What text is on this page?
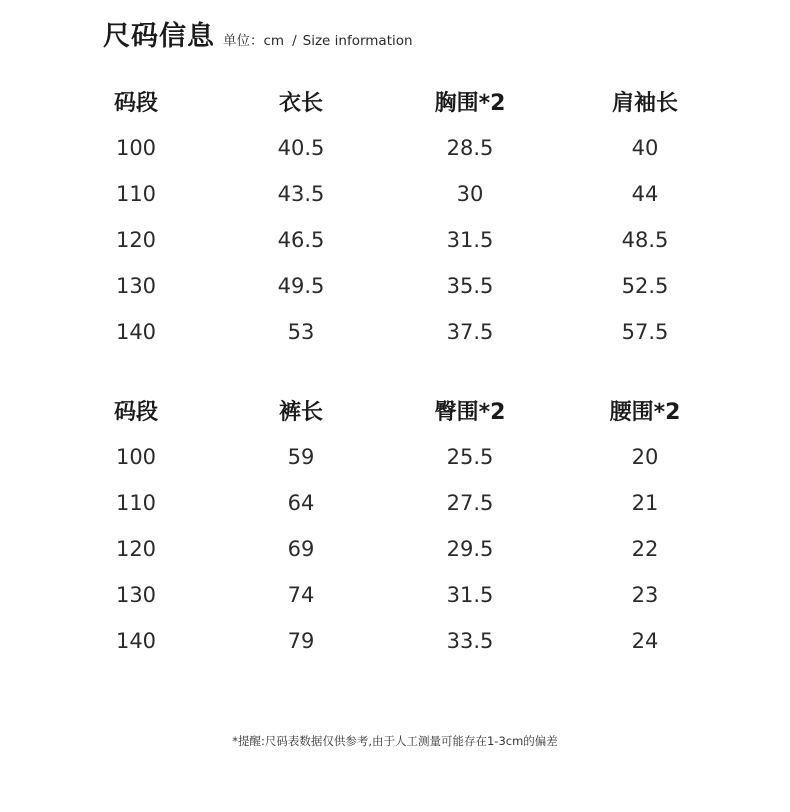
尺码信息 单位：cm / Size information
码段	衣长	胸围*2	肩袖长
100	40.5	28.5	40
110	43.5	30	44
120	46.5	31.5	48.5
130	49.5	35.5	52.5
140	53	37.5	57.5
码段	裤长	臀围*2	腰围*2
100	59	25.5	20
110	64	27.5	21
120	69	29.5	22
130	74	31.5	23
140	79	33.5	24
*提醒:尺码表数据仅供参考,由于人工测量可能存在1-3cm的偏差
